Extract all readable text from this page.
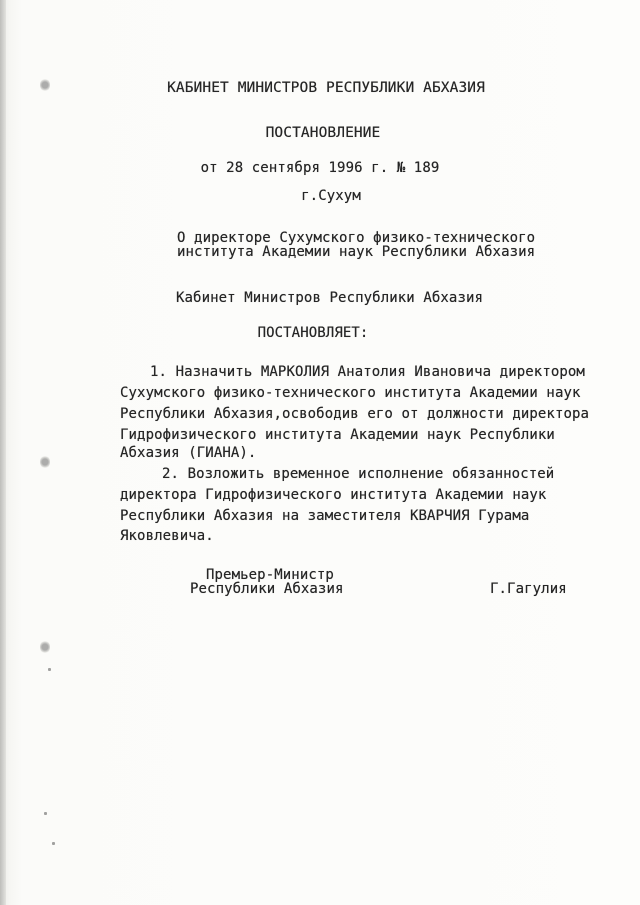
КАБИНЕТ МИНИСТРОВ РЕСПУБЛИКИ АБХАЗИЯ
ПОСТАНОВЛЕНИЕ
от 28 сентября 1996 г. № 189
г.Сухум
О директоре Сухумского физико-технического
института Академии наук Республики Абхазия
Кабинет Министров Республики Абхазия
ПОСТАНОВЛЯЕТ:
1. Назначить МАРКОЛИЯ Анатолия Ивановича директором
Сухумского физико-технического института Академии наук
Республики Абхазия,освободив его от должности директора
Гидрофизического института Академии наук Республики
Абхазия (ГИАНА).
2. Возложить временное исполнение обязанностей
директора Гидрофизического института Академии наук
Республики Абхазия на заместителя КВАРЧИЯ Гурама
Яковлевича.
Премьер-Министр
Республики Абхазия	Г.Гагулия
